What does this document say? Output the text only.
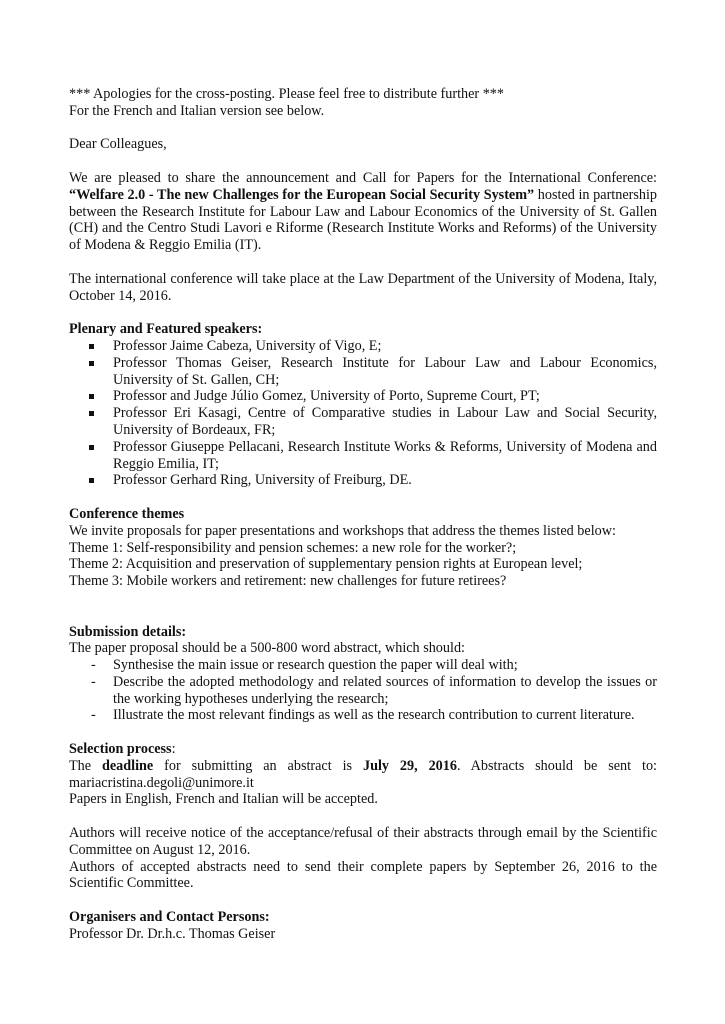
*** Apologies for the cross-posting. Please feel free to distribute further ***

For the French and Italian version see below.

Dear Colleagues,

We are pleased to share the announcement and Call for Papers for the International Conference: “Welfare 2.0 - The new Challenges for the European Social Security System” hosted in partnership between the Research Institute for Labour Law and Labour Economics of the University of St. Gallen (CH) and the Centro Studi Lavori e Riforme (Research Institute Works and Reforms) of the University of Modena & Reggio Emilia (IT).

The international conference will take place at the Law Department of the University of Modena, Italy, October 14, 2016.

Plenary and Featured speakers:

Professor Jaime Cabeza, University of Vigo, E;
Professor Thomas Geiser, Research Institute for Labour Law and Labour Economics, University of St. Gallen, CH;
Professor and Judge Júlio Gomez, University of Porto, Supreme Court, PT;
Professor Eri Kasagi, Centre of Comparative studies in Labour Law and Social Security, University of Bordeaux, FR;
Professor Giuseppe Pellacani, Research Institute Works & Reforms, University of Modena and Reggio Emilia, IT;
Professor Gerhard Ring, University of Freiburg, DE.

Conference themes

We invite proposals for paper presentations and workshops that address the themes listed below:

Theme 1: Self-responsibility and pension schemes: a new role for the worker?;

Theme 2: Acquisition and preservation of supplementary pension rights at European level;

Theme 3: Mobile workers and retirement: new challenges for future retirees?

Submission details:

The paper proposal should be a 500-800 word abstract, which should:

- Synthesise the main issue or research question the paper will deal with;
- Describe the adopted methodology and related sources of information to develop the issues or the working hypotheses underlying the research;
- Illustrate the most relevant findings as well as the research contribution to current literature.

Selection process:

The deadline for submitting an abstract is July 29, 2016. Abstracts should be sent to: mariacristina.degoli@unimore.it

Papers in English, French and Italian will be accepted.

Authors will receive notice of the acceptance/refusal of their abstracts through email by the Scientific Committee on August 12, 2016.

Authors of accepted abstracts need to send their complete papers by September 26, 2016 to the Scientific Committee.

Organisers and Contact Persons:

Professor Dr. Dr.h.c. Thomas Geiser
